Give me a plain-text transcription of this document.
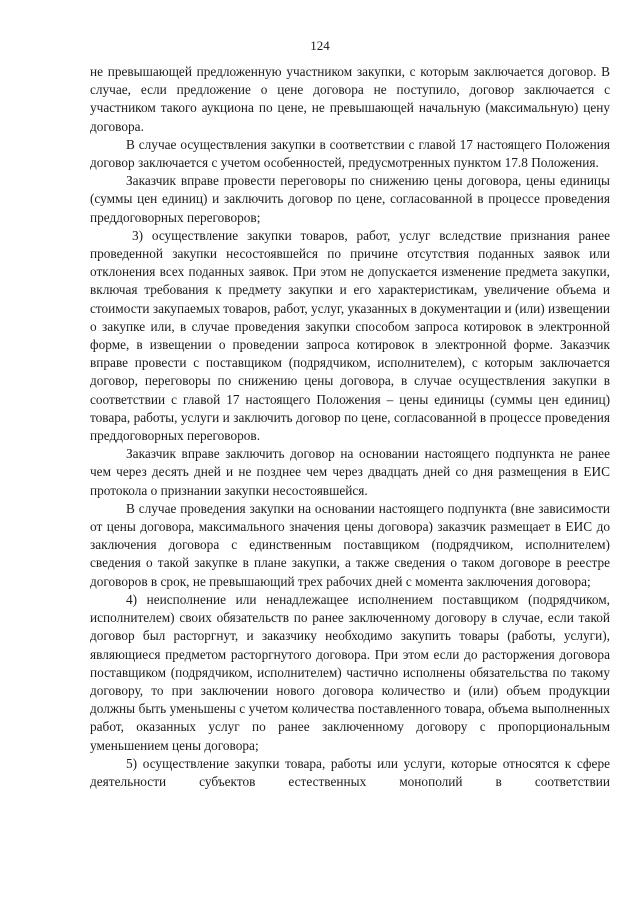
124

не превышающей предложенную участником закупки, с которым заключается договор. В случае, если предложение о цене договора не поступило, договор заключается с участником такого аукциона по цене, не превышающей начальную (максимальную) цену договора.

В случае осуществления закупки в соответствии с главой 17 настоящего Положения договор заключается с учетом особенностей, предусмотренных пунктом 17.8 Положения.

Заказчик вправе провести переговоры по снижению цены договора, цены единицы (суммы цен единиц) и заключить договор по цене, согласованной в процессе проведения преддоговорных переговоров;

3) осуществление закупки товаров, работ, услуг вследствие признания ранее проведенной закупки несостоявшейся по причине отсутствия поданных заявок или отклонения всех поданных заявок. При этом не допускается изменение предмета закупки, включая требования к предмету закупки и его характеристикам, увеличение объема и стоимости закупаемых товаров, работ, услуг, указанных в документации и (или) извещении о закупке или, в случае проведения закупки способом запроса котировок в электронной форме, в извещении о проведении запроса котировок в электронной форме. Заказчик вправе провести с поставщиком (подрядчиком, исполнителем), с которым заключается договор, переговоры по снижению цены договора, в случае осуществления закупки в соответствии с главой 17 настоящего Положения – цены единицы (суммы цен единиц) товара, работы, услуги и заключить договор по цене, согласованной в процессе проведения преддоговорных переговоров.

Заказчик вправе заключить договор на основании настоящего подпункта не ранее чем через десять дней и не позднее чем через двадцать дней со дня размещения в ЕИС протокола о признании закупки несостоявшейся.

В случае проведения закупки на основании настоящего подпункта (вне зависимости от цены договора, максимального значения цены договора) заказчик размещает в ЕИС до заключения договора с единственным поставщиком (подрядчиком, исполнителем) сведения о такой закупке в плане закупки, а также сведения о таком договоре в реестре договоров в срок, не превышающий трех рабочих дней с момента заключения договора;

4) неисполнение или ненадлежащее исполнением поставщиком (подрядчиком, исполнителем) своих обязательств по ранее заключенному договору в случае, если такой договор был расторгнут, и заказчику необходимо закупить товары (работы, услуги), являющиеся предметом расторгнутого договора. При этом если до расторжения договора поставщиком (подрядчиком, исполнителем) частично исполнены обязательства по такому договору, то при заключении нового договора количество и (или) объем продукции должны быть уменьшены с учетом количества поставленного товара, объема выполненных работ, оказанных услуг по ранее заключенному договору с пропорциональным уменьшением цены договора;

5) осуществление закупки товара, работы или услуги, которые относятся к сфере деятельности субъектов естественных монополий в соответствии
